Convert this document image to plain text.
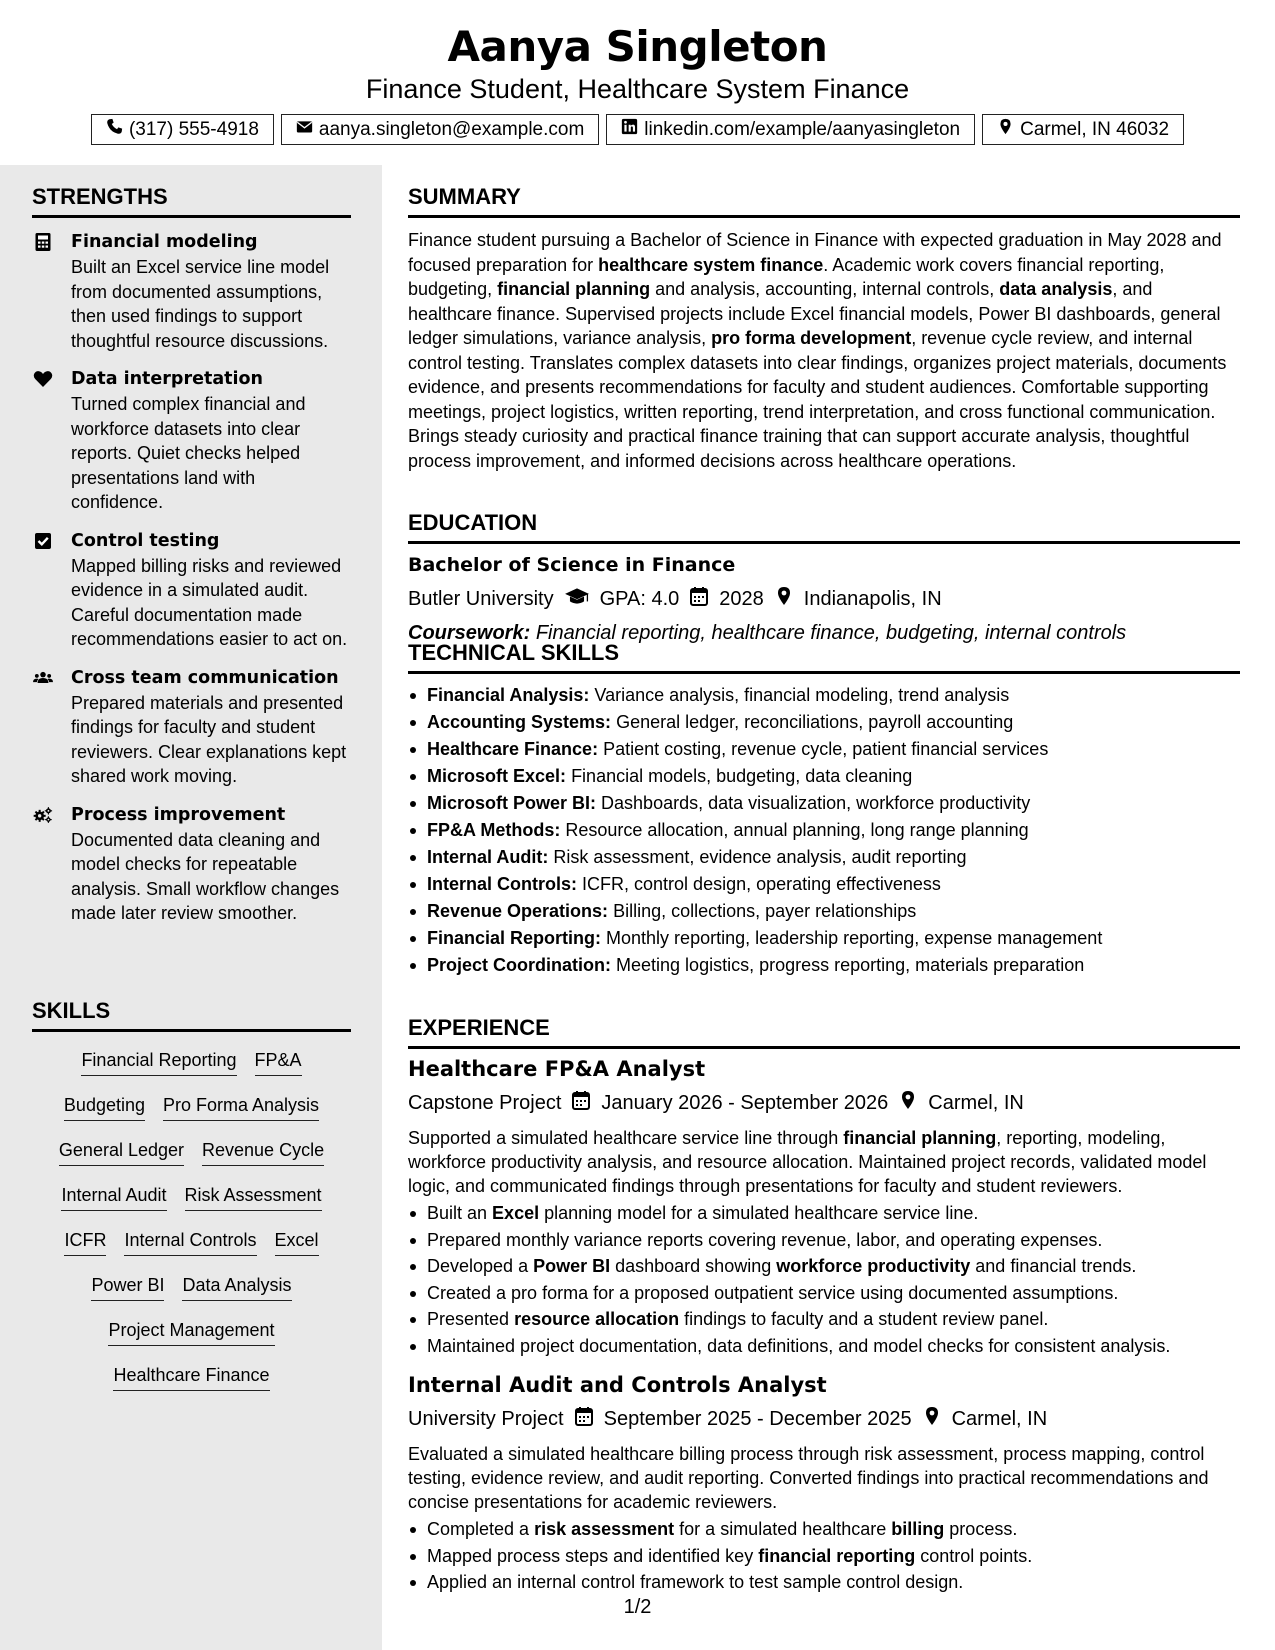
Aanya Singleton
Finance Student, Healthcare System Finance
(317) 555-4918	aanya.singleton@example.com	linkedin.com/example/aanyasingleton	Carmel, IN 46032
STRENGTHS
Financial modeling
Built an Excel service line model from documented assumptions, then used findings to support thoughtful resource discussions.
Data interpretation
Turned complex financial and workforce datasets into clear reports. Quiet checks helped presentations land with confidence.
Control testing
Mapped billing risks and reviewed evidence in a simulated audit. Careful documentation made recommendations easier to act on.
Cross team communication
Prepared materials and presented findings for faculty and student reviewers. Clear explanations kept shared work moving.
Process improvement
Documented data cleaning and model checks for repeatable analysis. Small workflow changes made later review smoother.
SKILLS
Financial Reporting FP&A
Budgeting Pro Forma Analysis
General Ledger Revenue Cycle
Internal Audit Risk Assessment
ICFR Internal Controls Excel
Power BI Data Analysis
Project Management
Healthcare Finance
SUMMARY
Finance student pursuing a Bachelor of Science in Finance with expected graduation in May 2028 and focused preparation for healthcare system finance. Academic work covers financial reporting, budgeting, financial planning and analysis, accounting, internal controls, data analysis, and healthcare finance. Supervised projects include Excel financial models, Power BI dashboards, general ledger simulations, variance analysis, pro forma development, revenue cycle review, and internal control testing. Translates complex datasets into clear findings, organizes project materials, documents evidence, and presents recommendations for faculty and student audiences. Comfortable supporting meetings, project logistics, written reporting, trend interpretation, and cross functional communication. Brings steady curiosity and practical finance training that can support accurate analysis, thoughtful process improvement, and informed decisions across healthcare operations.
EDUCATION
Bachelor of Science in Finance
Butler University GPA: 4.0 2028 Indianapolis, IN
Coursework: Financial reporting, healthcare finance, budgeting, internal controls
TECHNICAL SKILLS
Financial Analysis: Variance analysis, financial modeling, trend analysis
Accounting Systems: General ledger, reconciliations, payroll accounting
Healthcare Finance: Patient costing, revenue cycle, patient financial services
Microsoft Excel: Financial models, budgeting, data cleaning
Microsoft Power BI: Dashboards, data visualization, workforce productivity
FP&A Methods: Resource allocation, annual planning, long range planning
Internal Audit: Risk assessment, evidence analysis, audit reporting
Internal Controls: ICFR, control design, operating effectiveness
Revenue Operations: Billing, collections, payer relationships
Financial Reporting: Monthly reporting, leadership reporting, expense management
Project Coordination: Meeting logistics, progress reporting, materials preparation
EXPERIENCE
Healthcare FP&A Analyst
Capstone Project January 2026 - September 2026 Carmel, IN
Supported a simulated healthcare service line through financial planning, reporting, modeling, workforce productivity analysis, and resource allocation. Maintained project records, validated model logic, and communicated findings through presentations for faculty and student reviewers.
Built an Excel planning model for a simulated healthcare service line.
Prepared monthly variance reports covering revenue, labor, and operating expenses.
Developed a Power BI dashboard showing workforce productivity and financial trends.
Created a pro forma for a proposed outpatient service using documented assumptions.
Presented resource allocation findings to faculty and a student review panel.
Maintained project documentation, data definitions, and model checks for consistent analysis.
Internal Audit and Controls Analyst
University Project September 2025 - December 2025 Carmel, IN
Evaluated a simulated healthcare billing process through risk assessment, process mapping, control testing, evidence review, and audit reporting. Converted findings into practical recommendations and concise presentations for academic reviewers.
Completed a risk assessment for a simulated healthcare billing process.
Mapped process steps and identified key financial reporting control points.
Applied an internal control framework to test sample control design.
1/2
